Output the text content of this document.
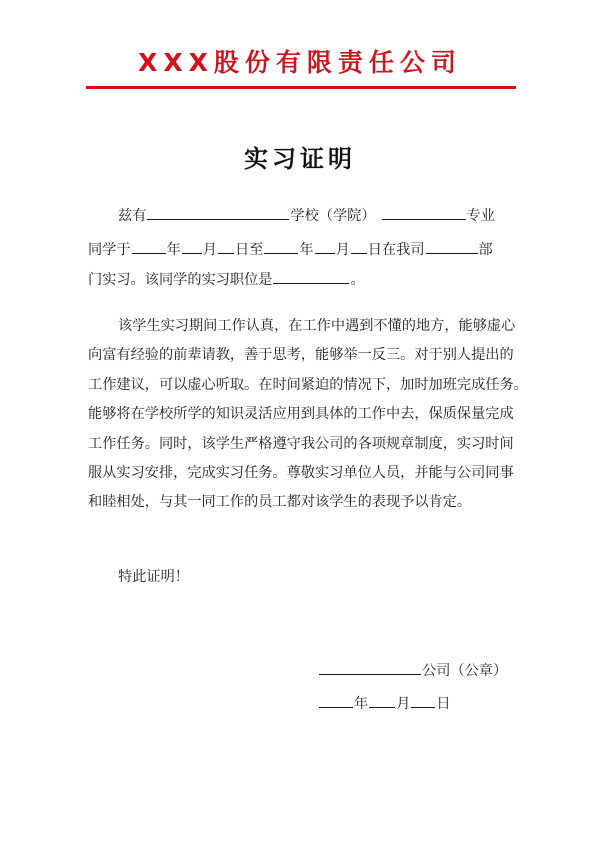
XXX股份有限责任公司
实习证明
兹有	学校（学院）	专业
同学于	年 月 日至	年 月 日在我司	部
门实习。该同学的实习职位是	。
该学生实习期间工作认真，在工作中遇到不懂的地方，能够虚心
向富有经验的前辈请教，善于思考，能够举一反三。对于别人提出的
工作建议，可以虚心听取。在时间紧迫的情况下，加时加班完成任务。
能够将在学校所学的知识灵活应用到具体的工作中去，保质保量完成
工作任务。同时，该学生严格遵守我公司的各项规章制度，实习时间
服从实习安排，完成实习任务。尊敬实习单位人员，并能与公司同事
和睦相处，与其一同工作的员工都对该学生的表现予以肯定。
特此证明！
公司（公章）
年 月 日
